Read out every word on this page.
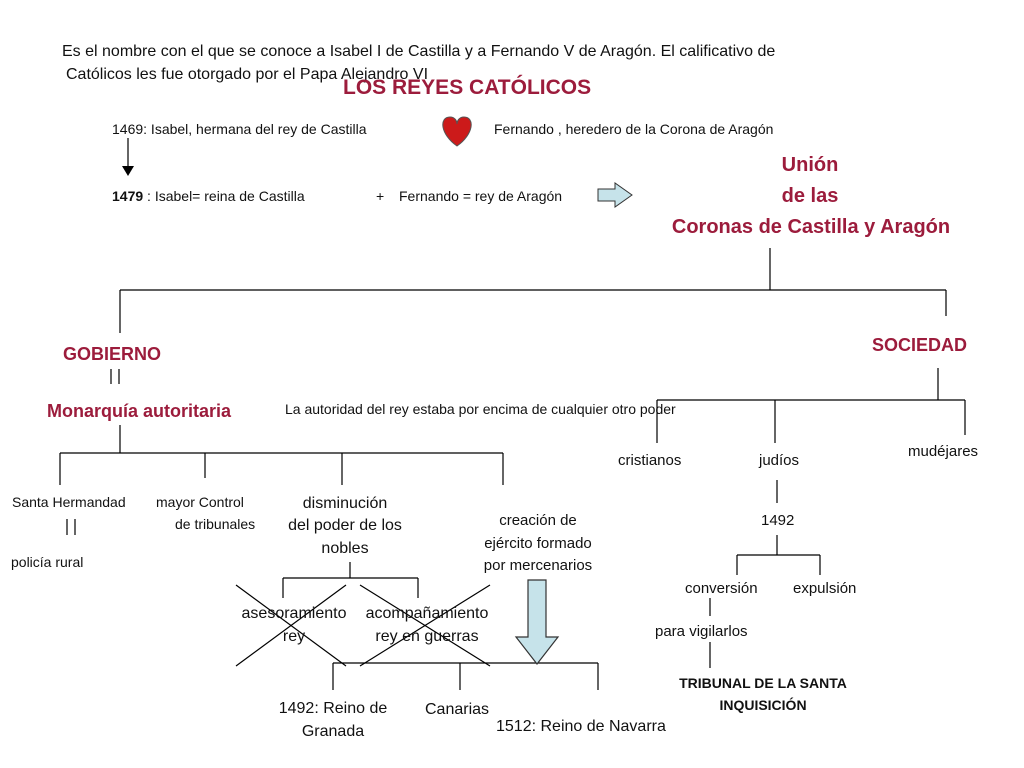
Es el nombre con el que se conoce a Isabel I de Castilla y a Fernando V de Aragón. El calificativo de
Católicos les fue otorgado por el Papa Alejandro VI
LOS REYES CATÓLICOS
1469: Isabel, hermana del rey de Castilla	Fernando , heredero de la Corona de Aragón
1479 : Isabel= reina de Castilla	+ Fernando = rey de Aragón
Unión
de las
Coronas de Castilla y Aragón
GOBIERNO
Monarquía autoritaria	La autoridad del rey estaba por encima de cualquier otro poder
Santa Hermandad
policía rural
mayor Control
de tribunales
disminución
del poder de los
nobles
asesoramiento
rey
acompañamiento
rey en guerras
creación de
ejército formado
por mercenarios
1492: Reino de
Granada
Canarias
1512: Reino de Navarra
SOCIEDAD
cristianos	judíos
mudéjares
1492
conversión expulsión
para vigilarlos
TRIBUNAL DE LA SANTA
INQUISICIÓN
